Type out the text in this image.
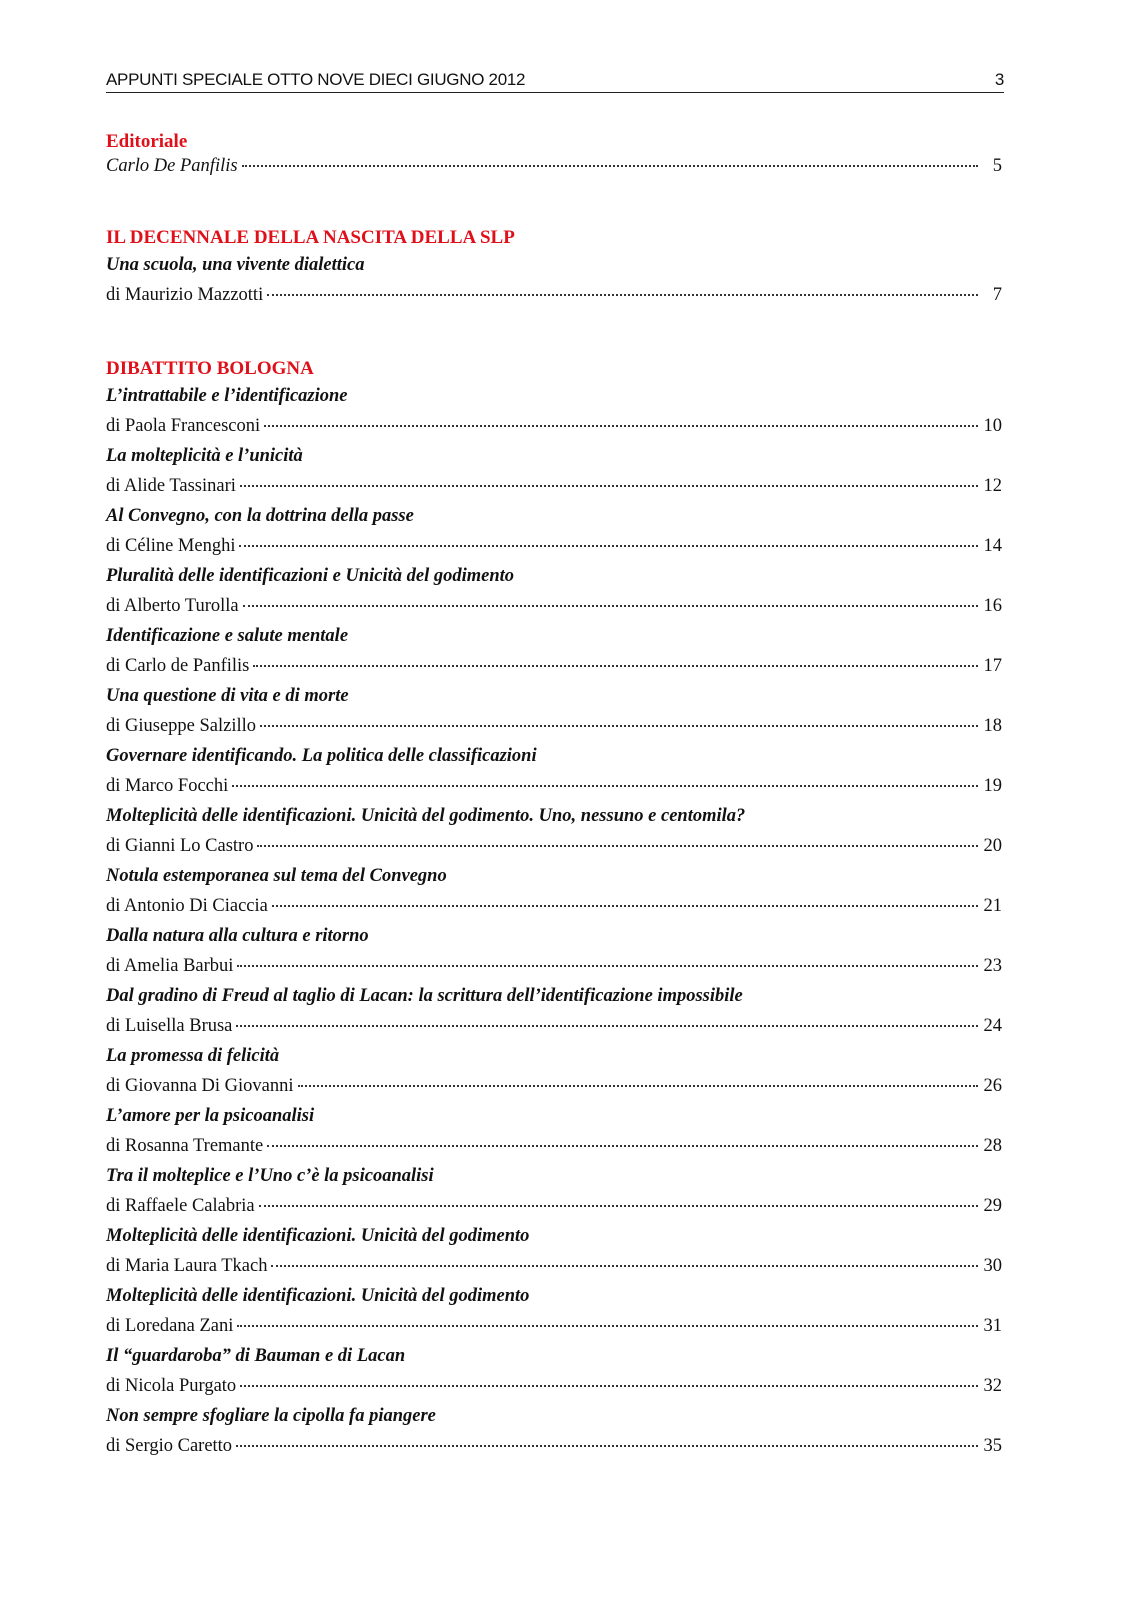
APPUNTI SPECIALE OTTO NOVE DIECI GIUGNO 2012	3
Editoriale
Carlo De Panfilis	5
IL DECENNALE DELLA NASCITA DELLA SLP
Una scuola, una vivente dialettica
di Maurizio Mazzotti	7
DIBATTITO BOLOGNA
L’intrattabile e l’identificazione
di Paola Francesconi	10
La molteplicità e l’unicità
di Alide Tassinari	12
Al Convegno, con la dottrina della passe
di Céline Menghi	14
Pluralità delle identificazioni e Unicità del godimento
di Alberto Turolla	16
Identificazione e salute mentale
di Carlo de Panfilis	17
Una questione di vita e di morte
di Giuseppe Salzillo	18
Governare identificando. La politica delle classificazioni
di Marco Focchi	19
Molteplicità delle identificazioni. Unicità del godimento. Uno, nessuno e centomila?
di Gianni Lo Castro	20
Notula estemporanea sul tema del Convegno
di Antonio Di Ciaccia	21
Dalla natura alla cultura e ritorno
di Amelia Barbui	23
Dal gradino di Freud al taglio di Lacan: la scrittura dell’identificazione impossibile
di Luisella Brusa	24
La promessa di felicità
di Giovanna Di Giovanni	26
L’amore per la psicoanalisi
di Rosanna Tremante	28
Tra il molteplice e l’Uno c’è la psicoanalisi
di Raffaele Calabria	29
Molteplicità delle identificazioni. Unicità del godimento
di Maria Laura Tkach	30
Molteplicità delle identificazioni. Unicità del godimento
di Loredana Zani	31
Il “guardaroba” di Bauman e di Lacan
di Nicola Purgato	32
Non sempre sfogliare la cipolla fa piangere
di Sergio Caretto	35
